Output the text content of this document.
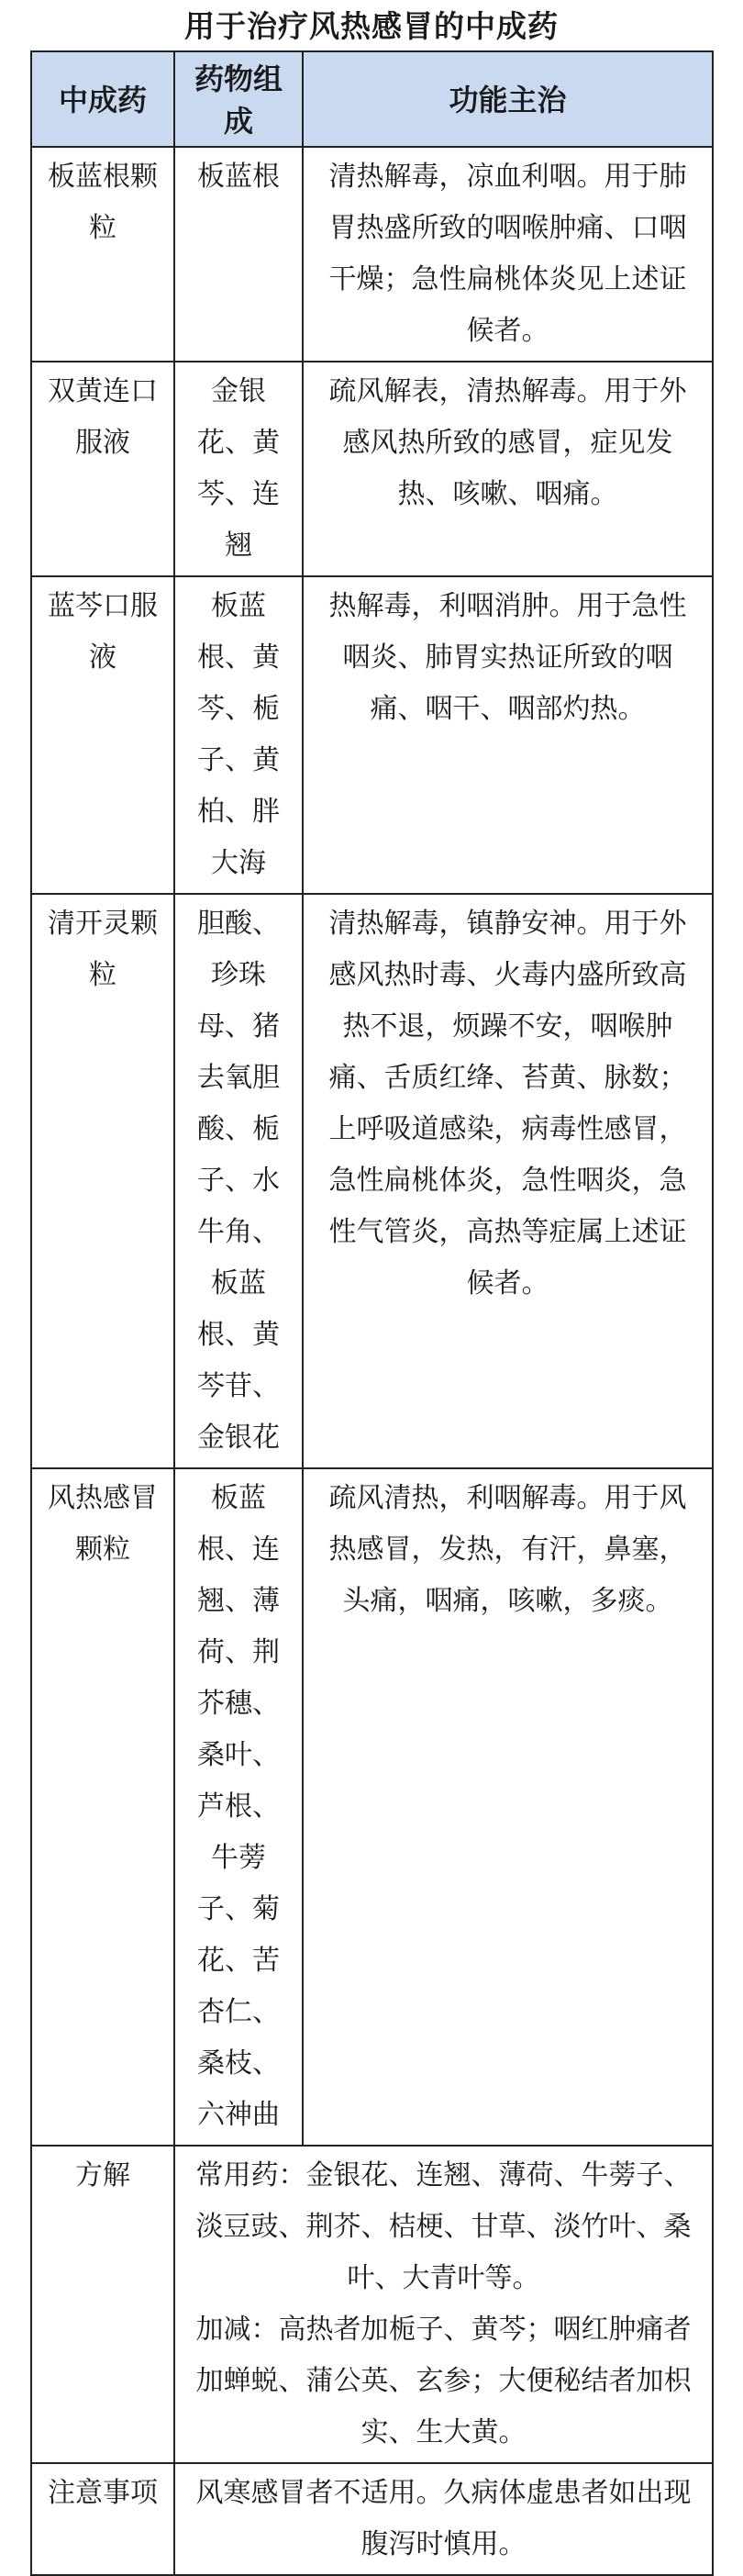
用于治疗风热感冒的中成药
中成药	药物组成	功能主治
板蓝根颗粒	板蓝根	清热解毒，凉血利咽。用于肺胃热盛所致的咽喉肿痛、口咽干燥；急性扁桃体炎见上述证候者。
双黄连口服液	金银花、黄芩、连翘	疏风解表，清热解毒。用于外感风热所致的感冒，症见发热、咳嗽、咽痛。
蓝芩口服液	板蓝根、黄芩、栀子、黄柏、胖大海	热解毒，利咽消肿。用于急性咽炎、肺胃实热证所致的咽痛、咽干、咽部灼热。
清开灵颗粒	胆酸、珍珠母、猪去氧胆酸、栀子、水牛角、板蓝根、黄芩苷、金银花	清热解毒，镇静安神。用于外感风热时毒、火毒内盛所致高热不退，烦躁不安，咽喉肿痛、舌质红绛、苔黄、脉数；上呼吸道感染，病毒性感冒，急性扁桃体炎，急性咽炎，急性气管炎，高热等症属上述证候者。
风热感冒颗粒	板蓝根、连翘、薄荷、荆芥穗、桑叶、芦根、牛蒡子、菊花、苦杏仁、桑枝、六神曲	疏风清热，利咽解毒。用于风热感冒，发热，有汗，鼻塞，头痛，咽痛，咳嗽，多痰。
方解	常用药：金银花、连翘、薄荷、牛蒡子、淡豆豉、荆芥、桔梗、甘草、淡竹叶、桑叶、大青叶等。

加减：高热者加栀子、黄芩；咽红肿痛者加蝉蜕、蒲公英、玄参；大便秘结者加枳实、生大黄。	

注意事项	风寒感冒者不适用。久病体虚患者如出现腹泻时慎用。	
